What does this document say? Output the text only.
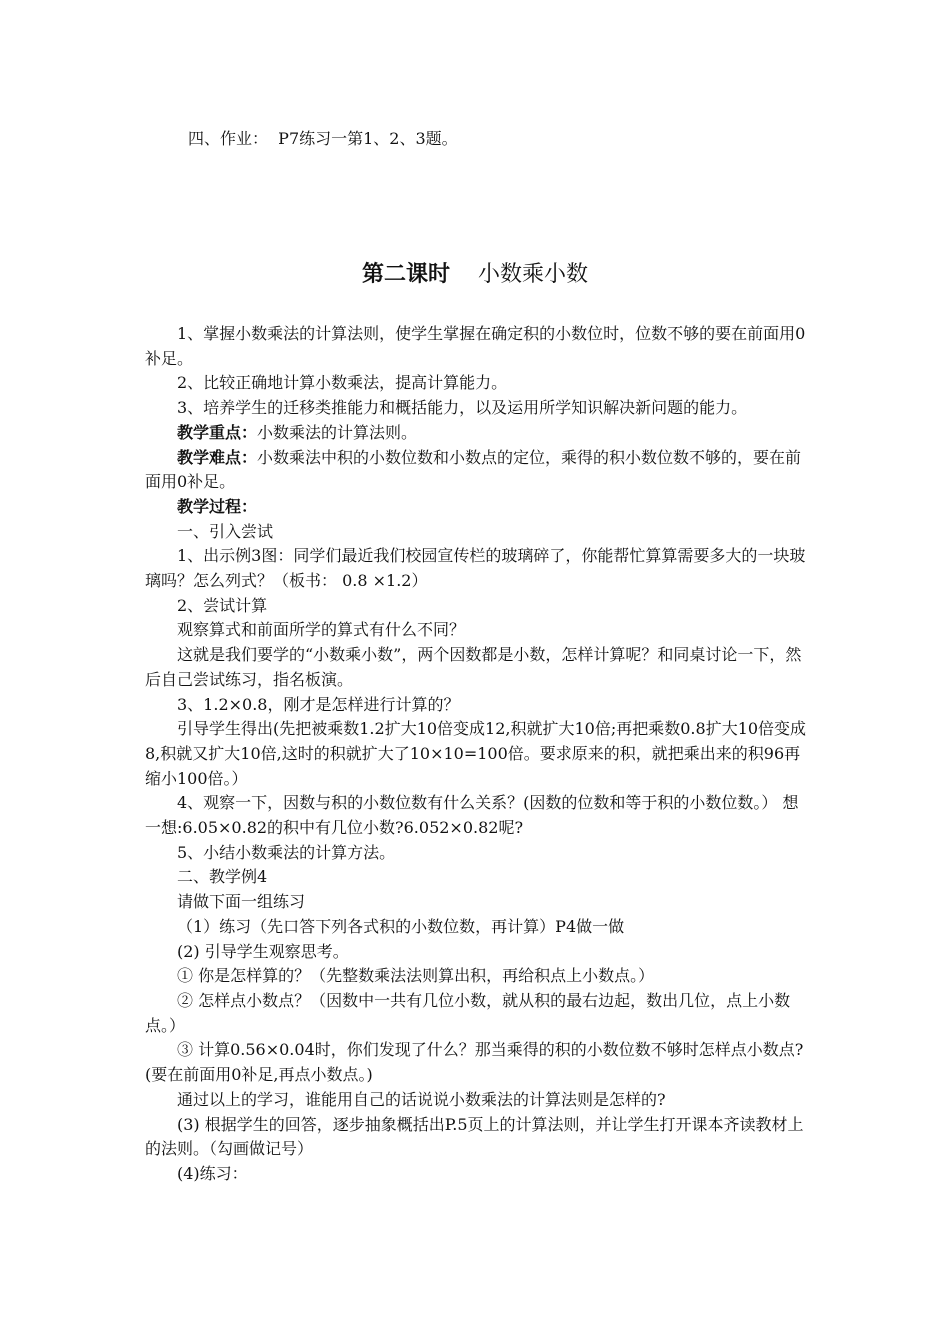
四、作业：  P7练习一第1、2、3题。
第二课时 小数乘小数

1、掌握小数乘法的计算法则，使学生掌握在确定积的小数位时，位数不够的要在前面用0补足。

2、比较正确地计算小数乘法，提高计算能力。

3、培养学生的迁移类推能力和概括能力，以及运用所学知识解决新问题的能力。

教学重点：小数乘法的计算法则。

教学难点：小数乘法中积的小数位数和小数点的定位，乘得的积小数位数不够的，要在前面用0补足。

教学过程：

一、引入尝试

1、出示例3图：同学们最近我们校园宣传栏的玻璃碎了，你能帮忙算算需要多大的一块玻璃吗？怎么列式？（板书： 0.8 ×1.2）

2、尝试计算

观察算式和前面所学的算式有什么不同？

这就是我们要学的“小数乘小数”，两个因数都是小数，怎样计算呢？和同桌讨论一下，然后自己尝试练习，指名板演。

3、1.2×0.8，刚才是怎样进行计算的？

引导学生得出(先把被乘数1.2扩大10倍变成12,积就扩大10倍;再把乘数0.8扩大10倍变成8,积就又扩大10倍,这时的积就扩大了10×10=100倍。要求原来的积，就把乘出来的积96再缩小100倍。）

4、观察一下，因数与积的小数位数有什么关系？(因数的位数和等于积的小数位数。） 想一想:6.05×0.82的积中有几位小数?6.052×0.82呢?

5、小结小数乘法的计算方法。

二、教学例4

请做下面一组练习

（1）练习（先口答下列各式积的小数位数，再计算）P4做一做

(2) 引导学生观察思考。

① 你是怎样算的？（先整数乘法法则算出积，再给积点上小数点。）

② 怎样点小数点？（因数中一共有几位小数，就从积的最右边起，数出几位，点上小数点。）

③ 计算0.56×0.04时，你们发现了什么？那当乘得的积的小数位数不够时怎样点小数点?(要在前面用0补足,再点小数点。)

通过以上的学习，谁能用自己的话说说小数乘法的计算法则是怎样的?

(3) 根据学生的回答，逐步抽象概括出P.5页上的计算法则，并让学生打开课本齐读教材上的法则。（勾画做记号）

(4)练习：
